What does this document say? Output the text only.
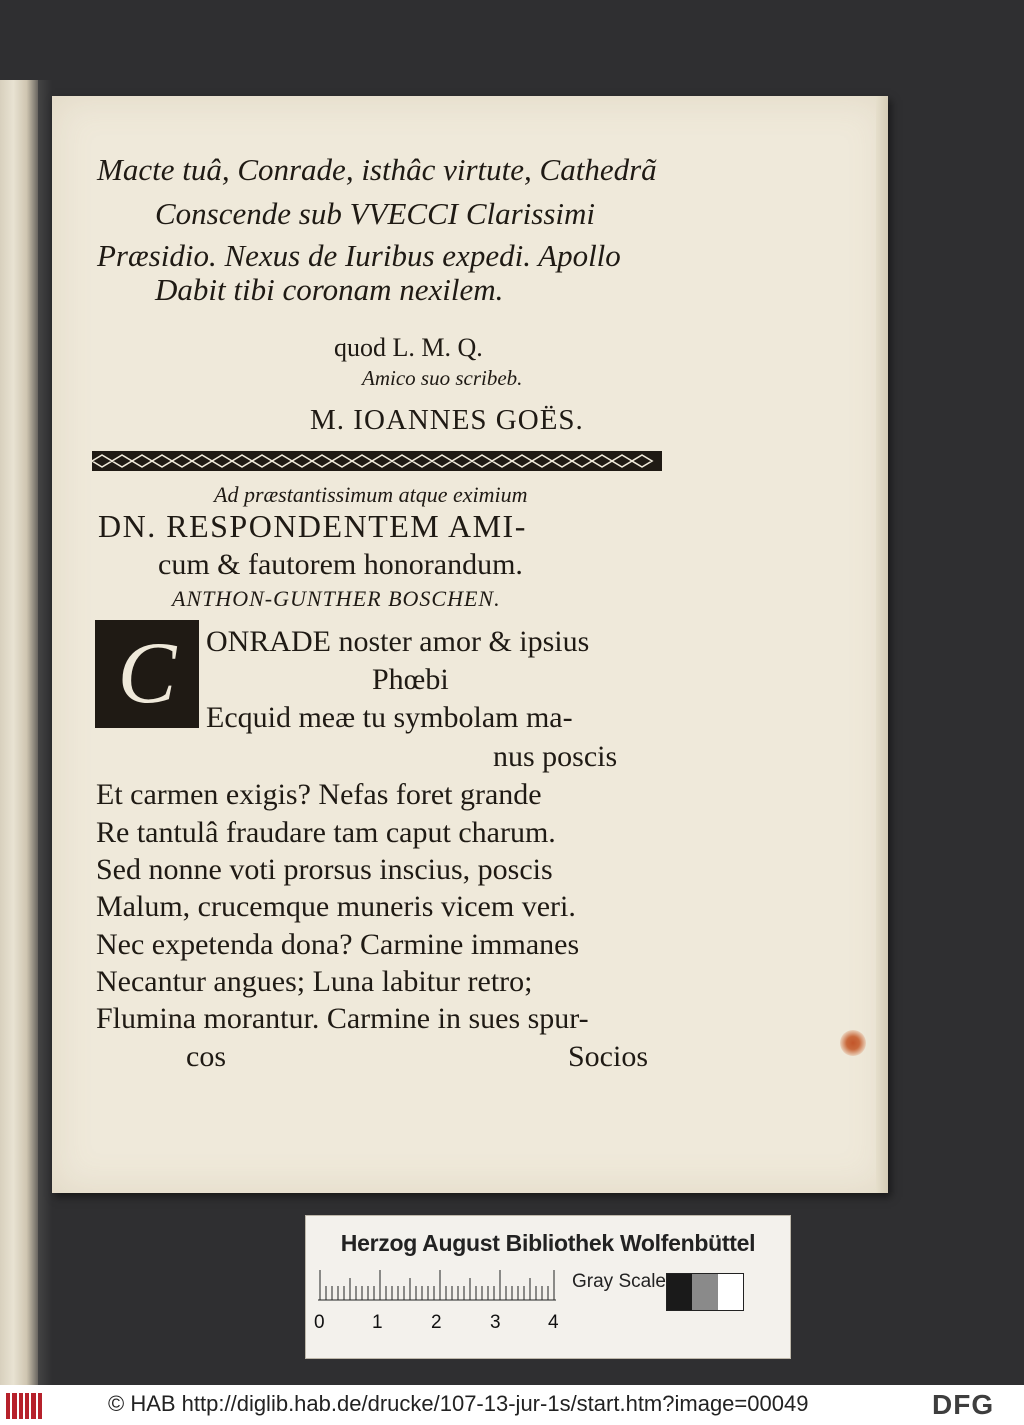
Macte tuâ, Conrade, isthâc virtute, Cathedrã
Conscende sub VVECCI Clarissimi
Præsidio. Nexus de Iuribus expedi. Apollo
Dabit tibi coronam nexilem.
quod L. M. Q.
Amico suo scribeb.
M. IOANNES GOËS.
Ad præstantissimum atque eximium
DN. RESPONDENTEM AMI-
cum & fautorem honorandum.
ANTHON-GUNTHER BOSCHEN.
C ONRADE noster amor & ipsius
Phœbi
Ecquid meæ tu symbolam ma-
nus poscis
Et carmen exigis? Nefas foret grande
Re tantulâ fraudare tam caput charum.
Sed nonne voti prorsus inscius, poscis
Malum, crucemque muneris vicem veri.
Nec expetenda dona? Carmine immanes
Necantur angues; Luna labitur retro;
Flumina morantur. Carmine in sues spur-
cos	Socios
Herzog August Bibliothek Wolfenbüttel
0 1	2	3 4
Gray Scale
© HAB http://diglib.hab.de/drucke/107-13-jur-1s/start.htm?image=00049	DFG
